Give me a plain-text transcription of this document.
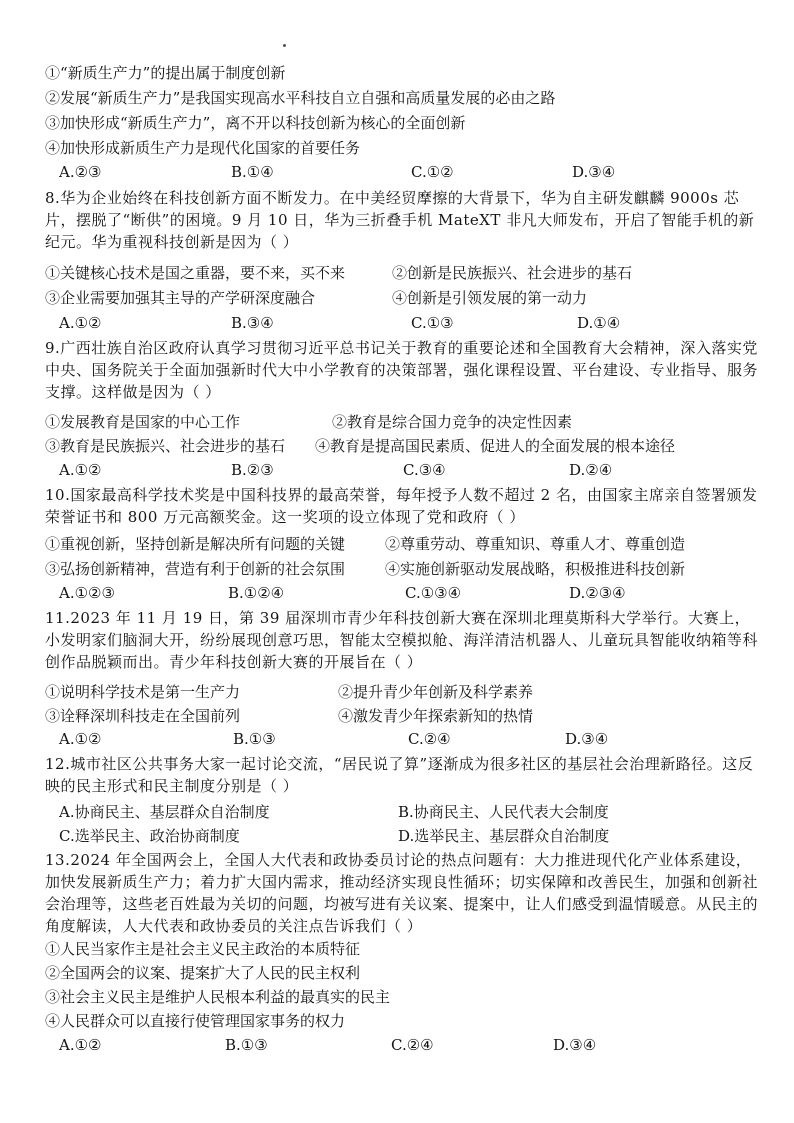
①“新质生产力”的提出属于制度创新
②发展“新质生产力”是我国实现高水平科技自立自强和高质量发展的必由之路
③加快形成“新质生产力”，离不开以科技创新为核心的全面创新
④加快形成新质生产力是现代化国家的首要任务
A.②③	B.①④	C.①②	D.③④
8.华为企业始终在科技创新方面不断发力。在中美经贸摩擦的大背景下，华为自主研发麒麟 9000s 芯片，摆脱了“断供”的困境。9 月 10 日，华为三折叠手机 MateXT 非凡大师发布，开启了智能手机的新纪元。华为重视科技创新是因为（ ）
①关键核心技术是国之重器，要不来，买不来	②创新是民族振兴、社会进步的基石
③企业需要加强其主导的产学研深度融合	④创新是引领发展的第一动力
A.①②	B.③④	C.①③	D.①④
9.广西壮族自治区政府认真学习贯彻习近平总书记关于教育的重要论述和全国教育大会精神，深入落实党中央、国务院关于全面加强新时代大中小学教育的决策部署，强化课程设置、平台建设、专业指导、服务支撑。这样做是因为（ ）
①发展教育是国家的中心工作	②教育是综合国力竞争的决定性因素
③教育是民族振兴、社会进步的基石 ④教育是提高国民素质、促进人的全面发展的根本途径
A.①②	B.②③	C.③④	D.②④
10.国家最高科学技术奖是中国科技界的最高荣誉，每年授予人数不超过 2 名，由国家主席亲自签署颁发荣誉证书和 800 万元高额奖金。这一奖项的设立体现了党和政府（ ）
①重视创新，坚持创新是解决所有问题的关键	②尊重劳动、尊重知识、尊重人才、尊重创造
③弘扬创新精神，营造有利于创新的社会氛围	④实施创新驱动发展战略，积极推进科技创新
A.①②③	B.①②④	C.①③④	D.②③④
11.2023 年 11 月 19 日，第 39 届深圳市青少年科技创新大赛在深圳北理莫斯科大学举行。大赛上，小发明家们脑洞大开，纷纷展现创意巧思，智能太空模拟舱、海洋清洁机器人、儿童玩具智能收纳箱等科创作品脱颖而出。青少年科技创新大赛的开展旨在（ ）
①说明科学技术是第一生产力	②提升青少年创新及科学素养
③诠释深圳科技走在全国前列	④激发青少年探索新知的热情
A.①②	B.①③	C.②④	D.③④
12.城市社区公共事务大家一起讨论交流，“居民说了算”逐渐成为很多社区的基层社会治理新路径。这反映的民主形式和民主制度分别是（ ）
A.协商民主、基层群众自治制度	B.协商民主、人民代表大会制度
C.选举民主、政治协商制度	D.选举民主、基层群众自治制度
13.2024 年全国两会上，全国人大代表和政协委员讨论的热点问题有：大力推进现代化产业体系建设，加快发展新质生产力；着力扩大国内需求，推动经济实现良性循环；切实保障和改善民生，加强和创新社会治理等，这些老百姓最为关切的问题，均被写进有关议案、提案中，让人们感受到温情暖意。从民主的角度解读，人大代表和政协委员的关注点告诉我们（ ）
①人民当家作主是社会主义民主政治的本质特征
②全国两会的议案、提案扩大了人民的民主权利
③社会主义民主是维护人民根本利益的最真实的民主
④人民群众可以直接行使管理国家事务的权力
A.①②	B.①③	C.②④	D.③④
